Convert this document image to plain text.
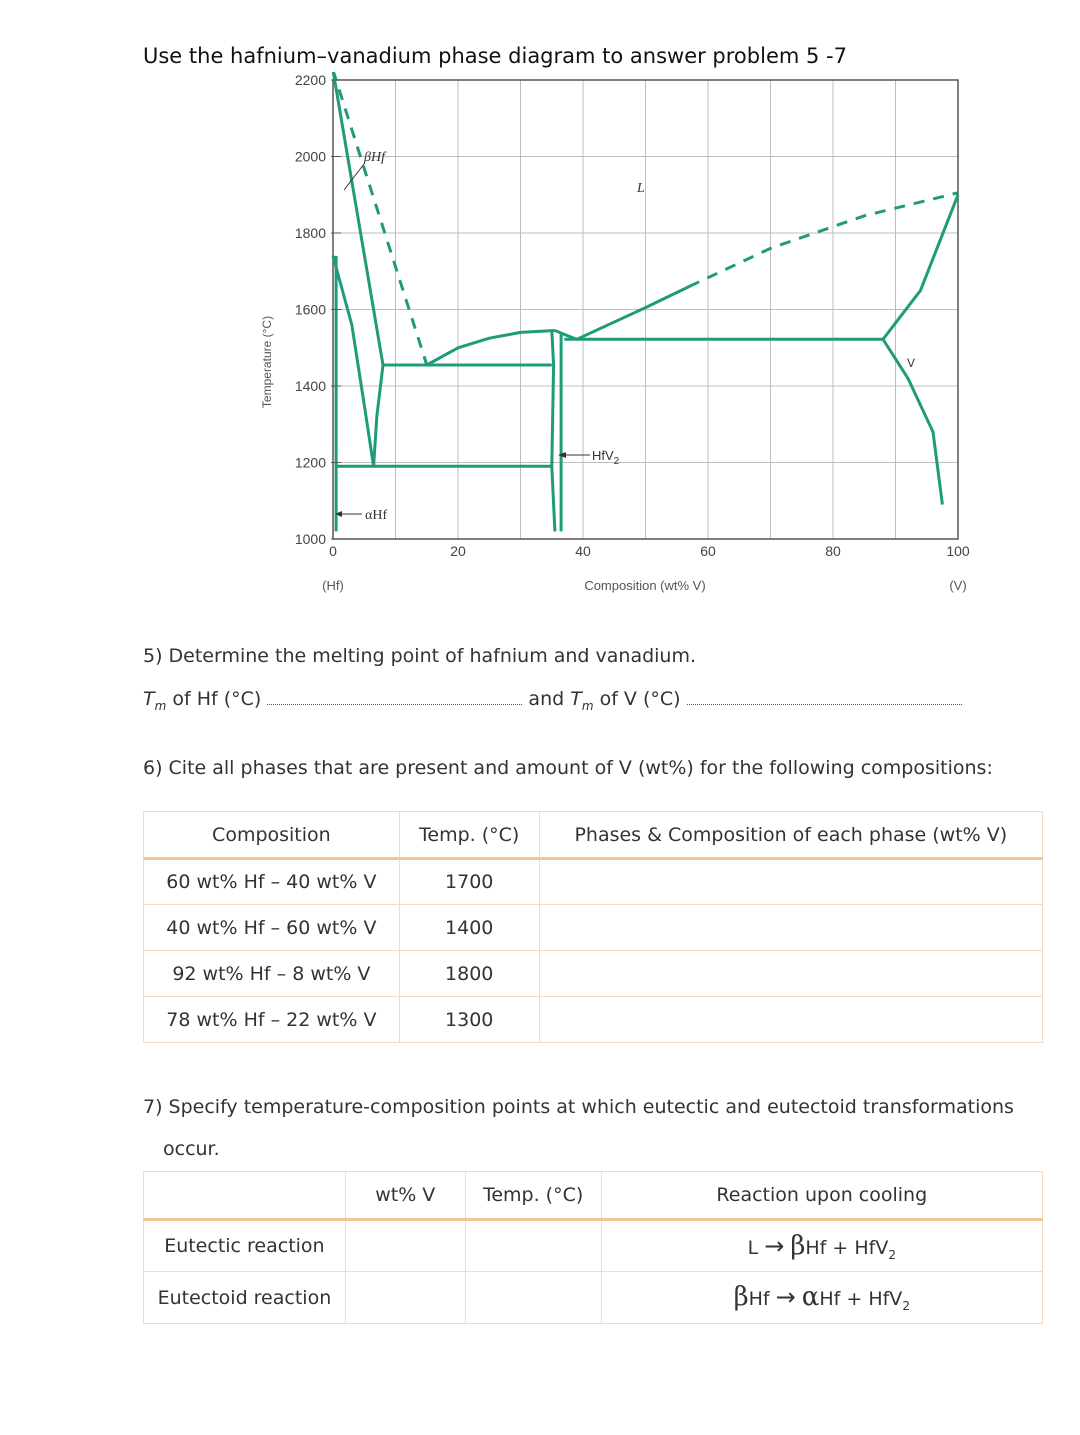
Use the hafnium–vanadium phase diagram to answer problem 5 -7
1000
1200
1400
1600
1800
2000
2200
0	20	40	60	80	100
Temperature (°C)
Composition (wt% V)
(Hf)	(V)
βHf
L
V
αHf
HfV$_2$
5) Determine the melting point of hafnium and vanadium.
$T_m$ of Hf (°C)	and $T_m$ of V (°C)
6) Cite all phases that are present and amount of V (wt%) for the following compositions:
Composition	Temp. (°C)	Phases & Composition of each phase (wt% V)
60 wt% Hf – 40 wt% V	1700	
40 wt% Hf – 60 wt% V	1400	
92 wt% Hf – 8 wt% V	1800	
78 wt% Hf – 22 wt% V	1300	
7) Specify temperature-composition points at which eutectic and eutectoid transformations
occur.
	wt% V	Temp. (°C)	Reaction upon cooling
Eutectic reaction			L → βHf + HfV$_2$
Eutectoid reaction			βHf → αHf + HfV$_2$
